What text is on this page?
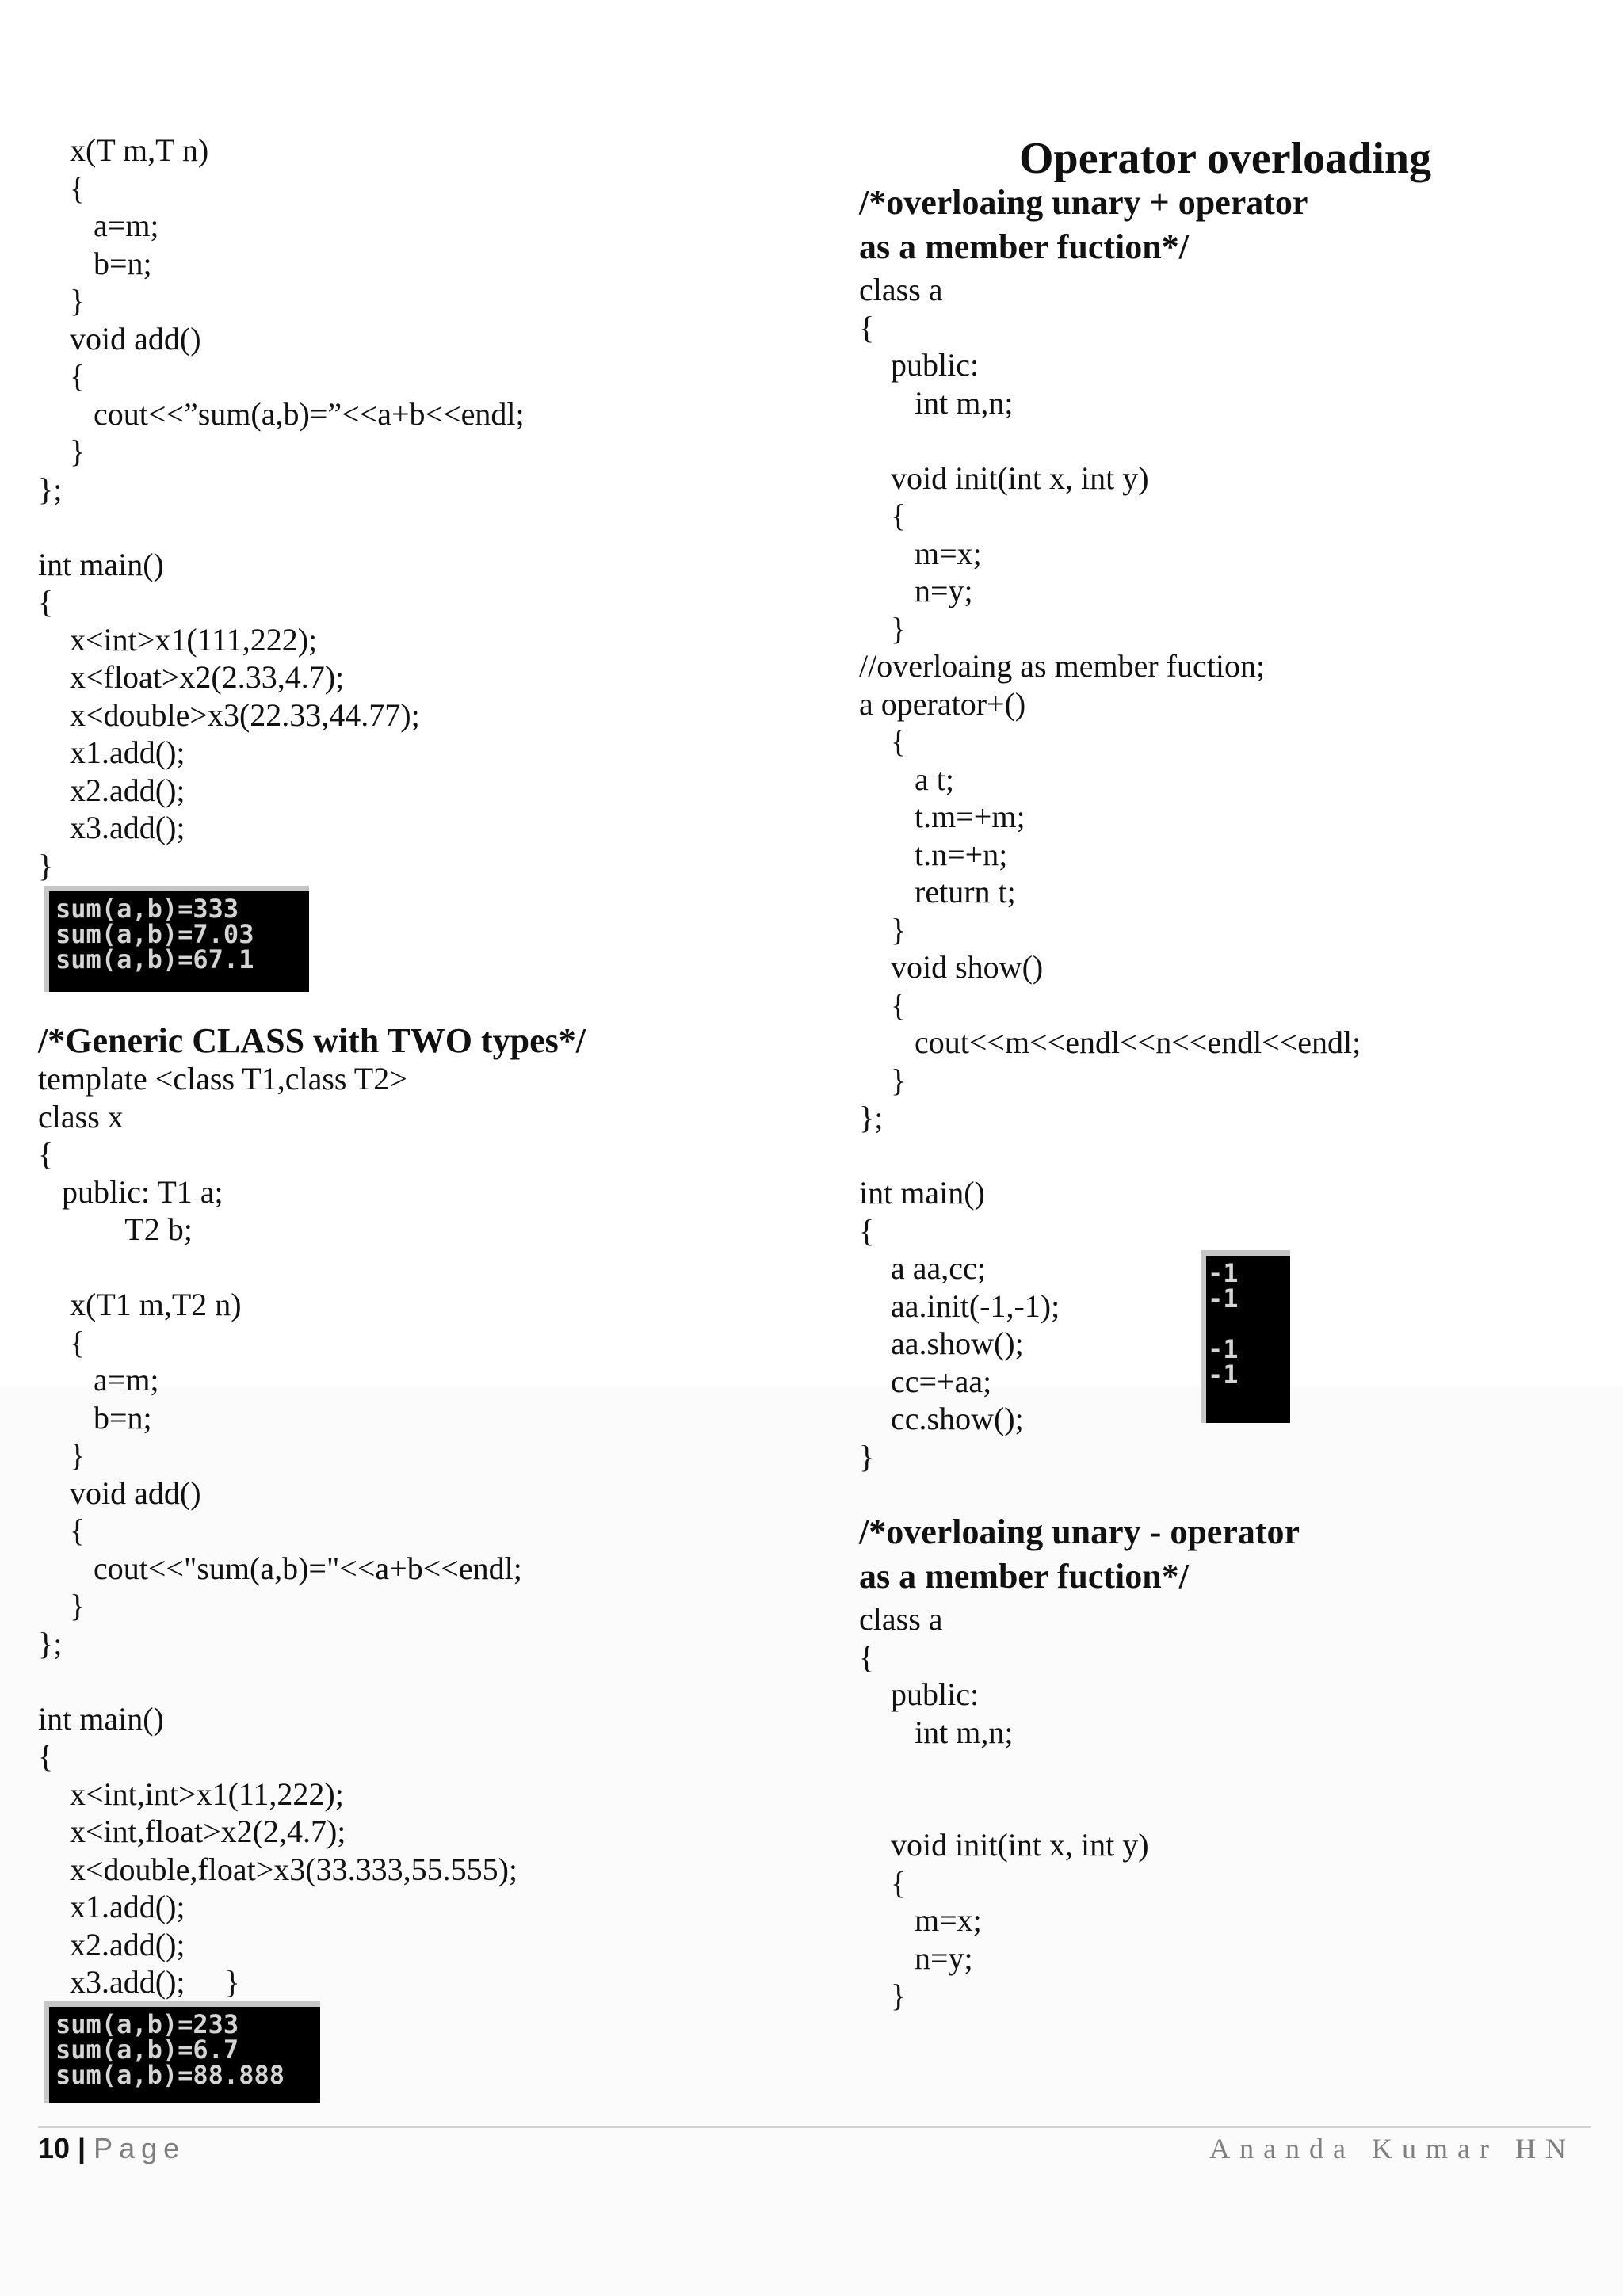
x(T m,T n)
{
a=m;
b=n;
}
void add()
{
cout<<”sum(a,b)=”<<a+b<<endl;
}
};
int main()
{
x<int>x1(111,222);
x<float>x2(2.33,4.7);
x<double>x3(22.33,44.77);
x1.add();
x2.add();
x3.add();
}
sum(a,b)=333
sum(a,b)=7.03
sum(a,b)=67.1
/*Generic CLASS with TWO types*/
template <class T1,class T2>
class x
{
public: T1 a;
T2 b;
x(T1 m,T2 n)
{
a=m;
b=n;
}
void add()
{
cout<<"sum(a,b)="<<a+b<<endl;
}
};
int main()
{
x<int,int>x1(11,222);
x<int,float>x2(2,4.7);
x<double,float>x3(33.333,55.555);
x1.add();
x2.add();
x3.add();     }
sum(a,b)=233
sum(a,b)=6.7
sum(a,b)=88.888
Operator overloading
/*overloaing unary + operator
as a member fuction*/
class a
{
public:
int m,n;
void init(int x, int y)
{
m=x;
n=y;
}
//overloaing as member fuction;
a operator+()
{
a t;
t.m=+m;
t.n=+n;
return t;
}
void show()
{
cout<<m<<endl<<n<<endl<<endl;
}
};
int main()
{
a aa,cc;
aa.init(-1,-1);
aa.show();
cc=+aa;
cc.show();
}
-1
-1

-1
-1
/*overloaing unary - operator
as a member fuction*/
class a
{
public:
int m,n;
void init(int x, int y)
{
m=x;
n=y;
}
10 | Page	Ananda Kumar HN
